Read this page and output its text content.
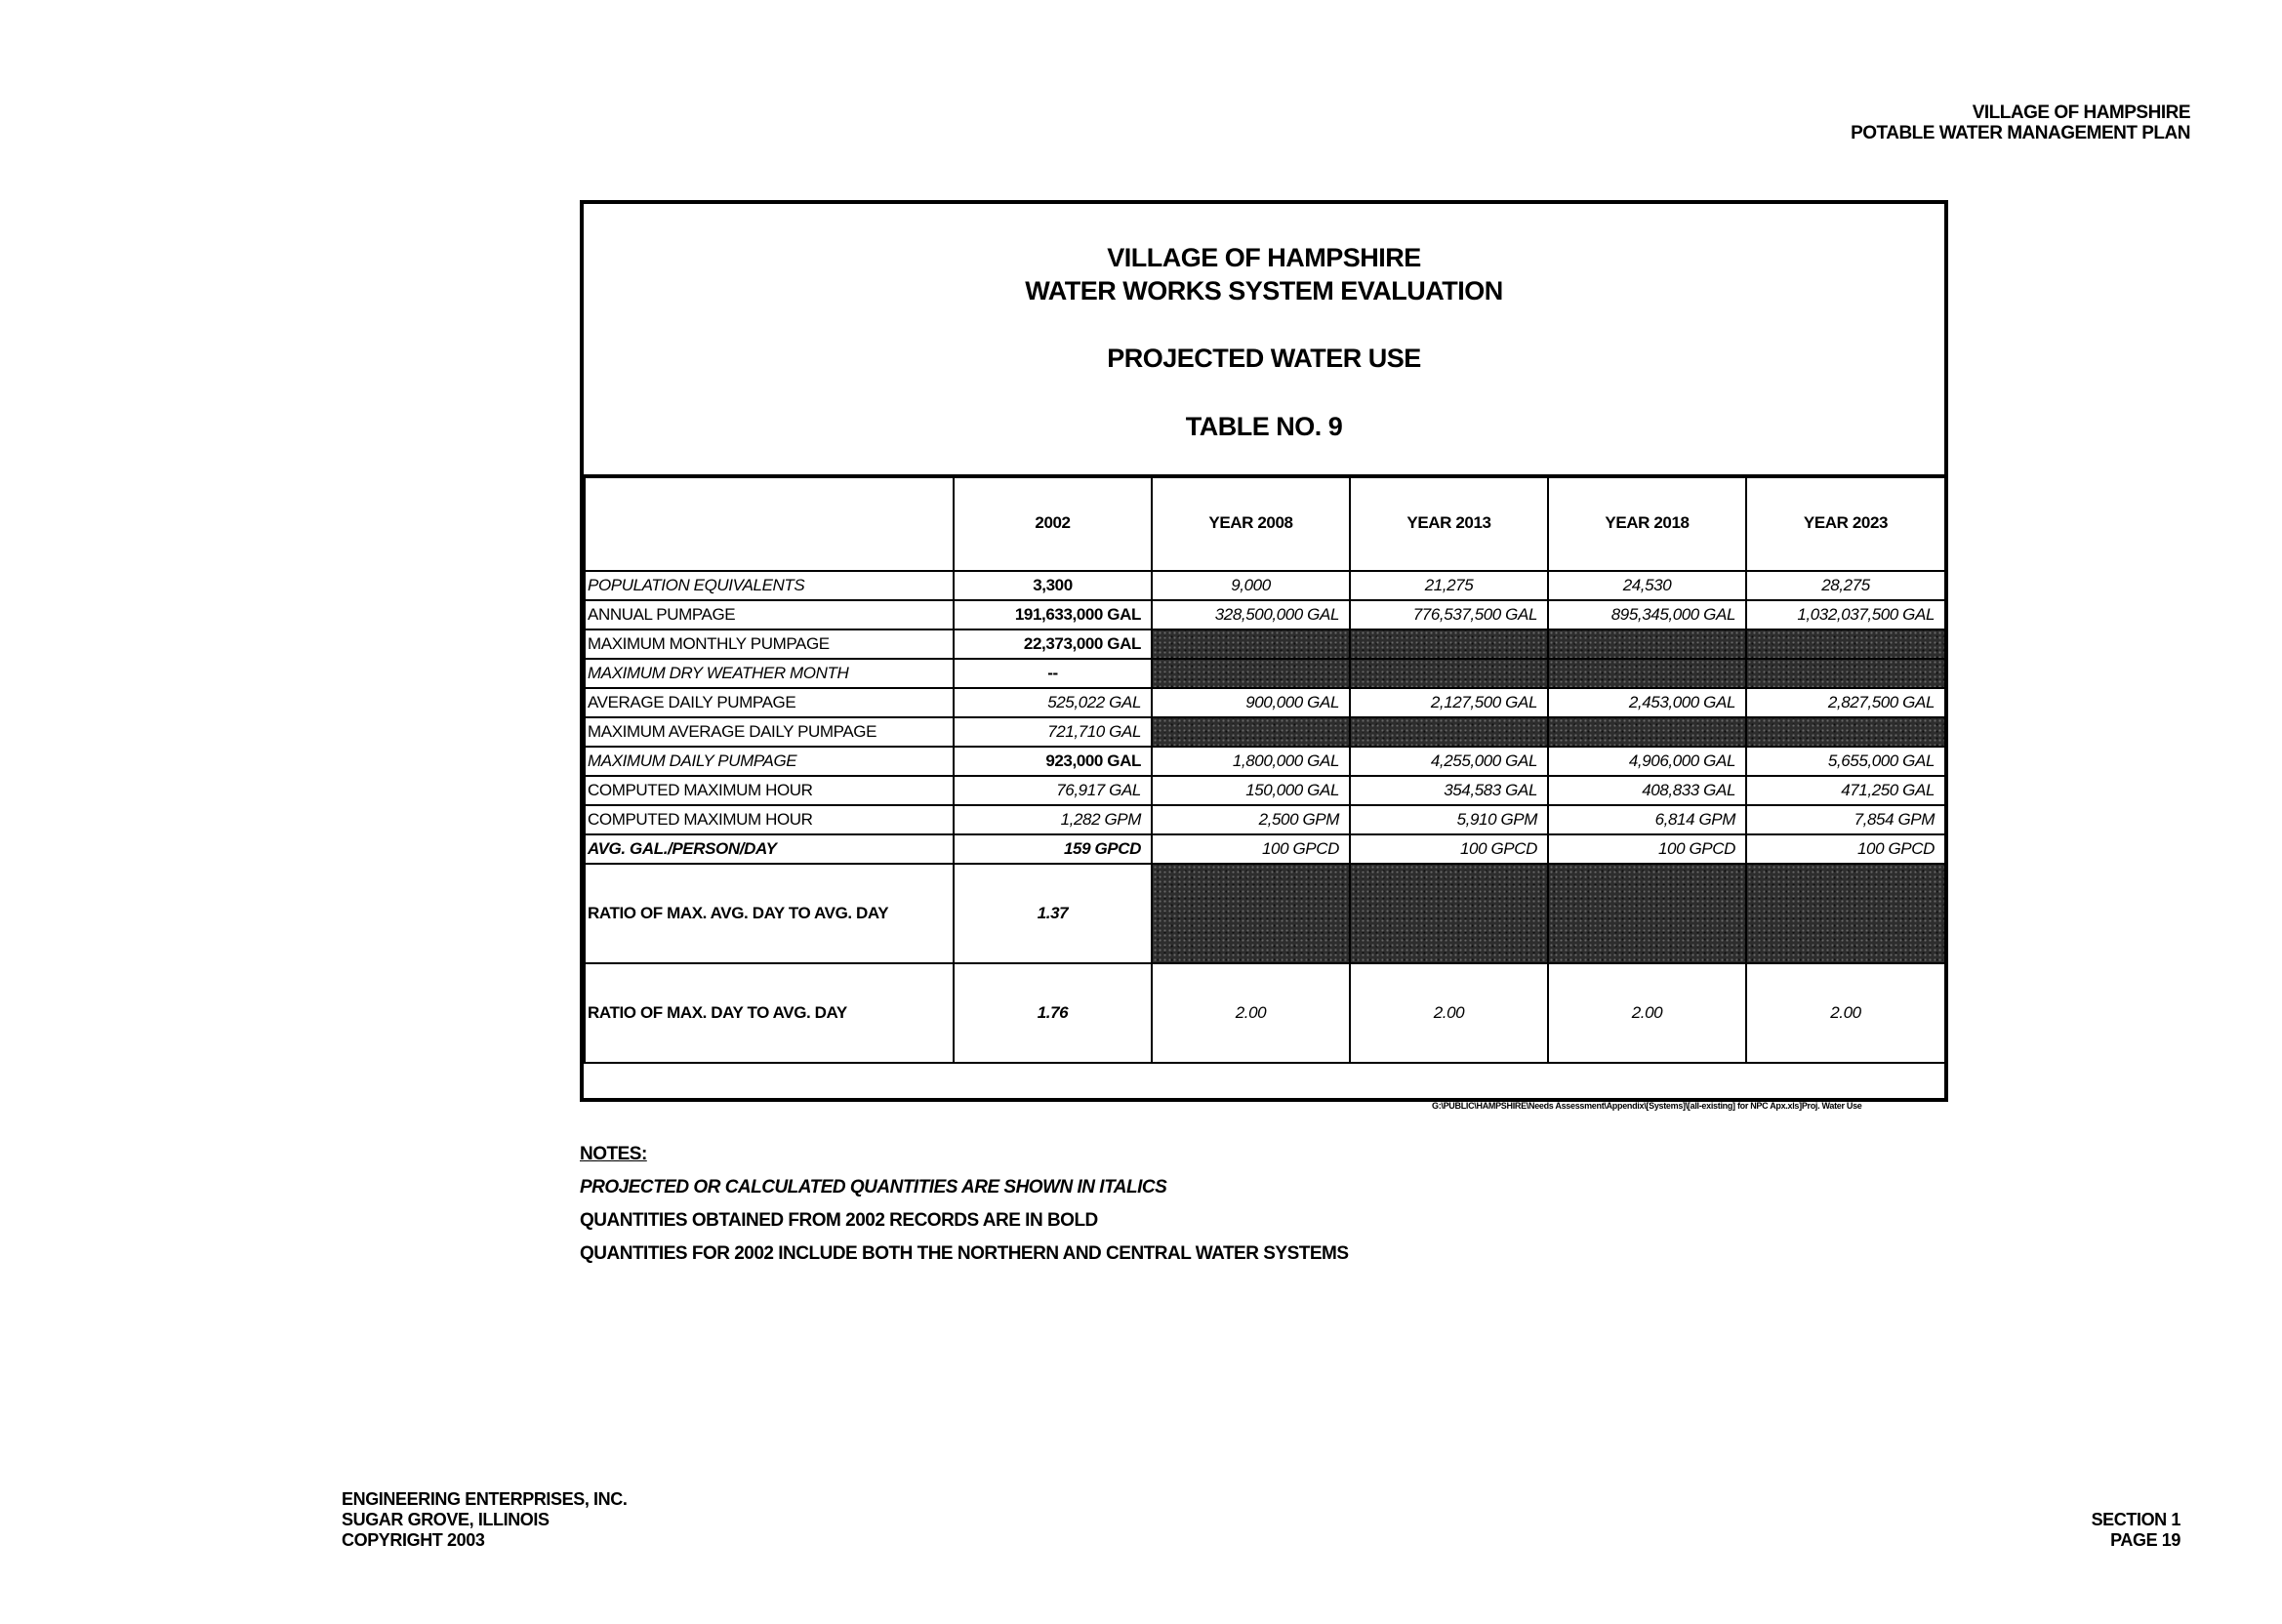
VILLAGE OF HAMPSHIRE
POTABLE WATER MANAGEMENT PLAN
VILLAGE OF HAMPSHIRE
WATER WORKS SYSTEM EVALUATION
PROJECTED WATER USE
TABLE NO. 9
	2002	YEAR 2008	YEAR 2013	YEAR 2018	YEAR 2023
POPULATION EQUIVALENTS	3,300	9,000	21,275	24,530	28,275
ANNUAL PUMPAGE	191,633,000 GAL	328,500,000 GAL	776,537,500 GAL	895,345,000 GAL	1,032,037,500 GAL
MAXIMUM MONTHLY PUMPAGE	22,373,000 GAL				
MAXIMUM DRY WEATHER MONTH	--				
AVERAGE DAILY PUMPAGE	525,022 GAL	900,000 GAL	2,127,500 GAL	2,453,000 GAL	2,827,500 GAL
MAXIMUM AVERAGE DAILY PUMPAGE	721,710 GAL				
MAXIMUM DAILY PUMPAGE	923,000 GAL	1,800,000 GAL	4,255,000 GAL	4,906,000 GAL	5,655,000 GAL
COMPUTED MAXIMUM HOUR	76,917 GAL	150,000 GAL	354,583 GAL	408,833 GAL	471,250 GAL
COMPUTED MAXIMUM HOUR	1,282 GPM	2,500 GPM	5,910 GPM	6,814 GPM	7,854 GPM
AVG. GAL./PERSON/DAY	159 GPCD	100 GPCD	100 GPCD	100 GPCD	100 GPCD
RATIO OF MAX. AVG. DAY TO AVG. DAY	1.37				
RATIO OF MAX. DAY TO AVG. DAY	1.76	2.00	2.00	2.00	2.00
G:\PUBLIC\HAMPSHIRE\Needs Assessment\Appendix\[Systems]\[all-existing] for NPC Apx.xls]Proj. Water Use
NOTES:
PROJECTED OR CALCULATED QUANTITIES ARE SHOWN IN ITALICS
QUANTITIES OBTAINED FROM 2002 RECORDS ARE IN BOLD
QUANTITIES FOR 2002 INCLUDE BOTH THE NORTHERN AND CENTRAL WATER SYSTEMS
ENGINEERING ENTERPRISES, INC.
SUGAR GROVE, ILLINOIS
COPYRIGHT 2003
SECTION 1
PAGE 19
